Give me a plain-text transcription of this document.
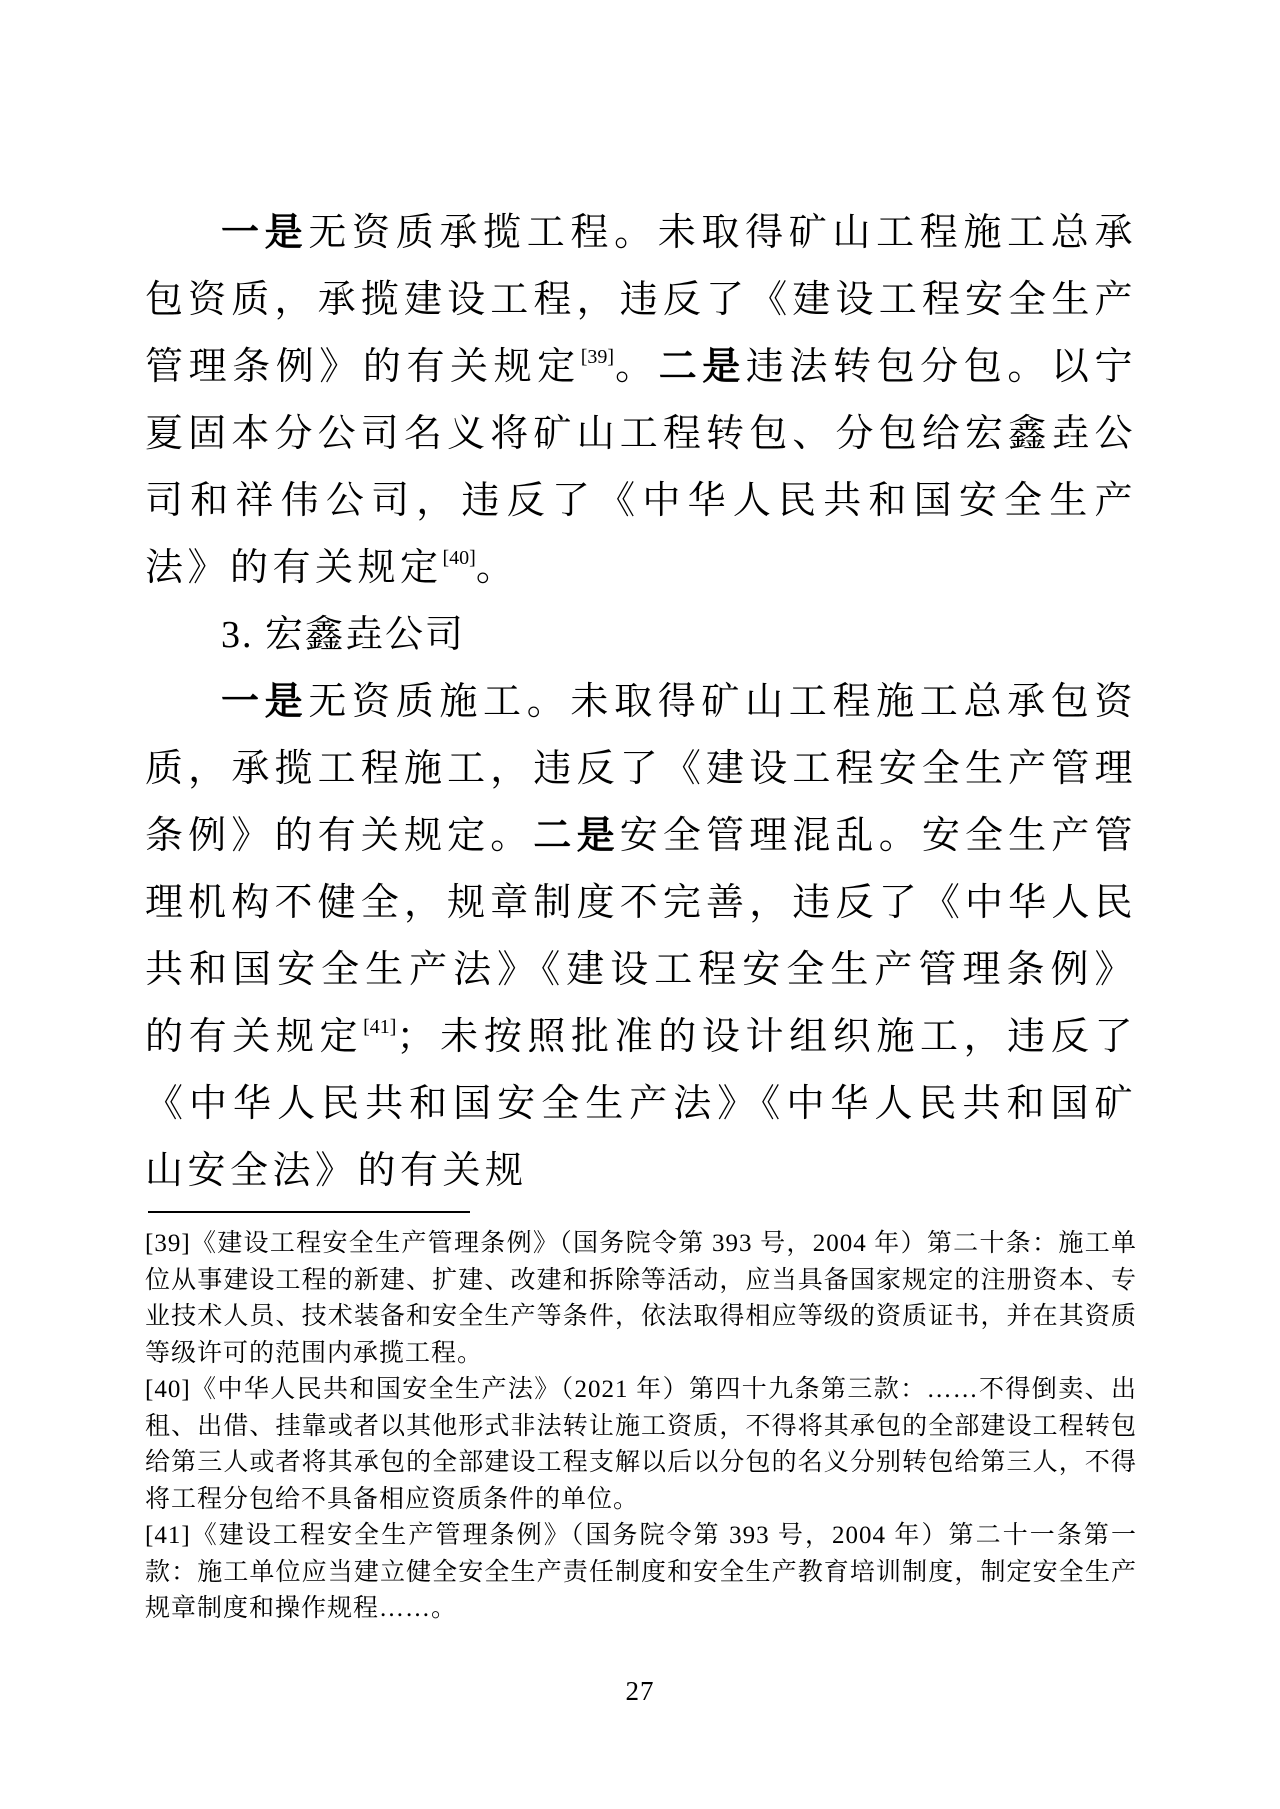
一是无资质承揽工程。未取得矿山工程施工总承包资质，承揽建设工程，违反了《建设工程安全生产管理条例》的有关规定[39]。二是违法转包分包。以宁夏固本分公司名义将矿山工程转包、分包给宏鑫垚公司和祥伟公司，违反了《中华人民共和国安全生产法》的有关规定[40]。

3. 宏鑫垚公司

一是无资质施工。未取得矿山工程施工总承包资质，承揽工程施工，违反了《建设工程安全生产管理条例》的有关规定。二是安全管理混乱。安全生产管理机构不健全，规章制度不完善，违反了《中华人民共和国安全生产法》《建设工程安全生产管理条例》的有关规定[41]；未按照批准的设计组织施工，违反了《中华人民共和国安全生产法》《中华人民共和国矿山安全法》的有关规

[39]《建设工程安全生产管理条例》（国务院令第 393 号，2004 年）第二十条：施工单位从事建设工程的新建、扩建、改建和拆除等活动，应当具备国家规定的注册资本、专业技术人员、技术装备和安全生产等条件，依法取得相应等级的资质证书，并在其资质等级许可的范围内承揽工程。

[40]《中华人民共和国安全生产法》（2021 年）第四十九条第三款：……不得倒卖、出租、出借、挂靠或者以其他形式非法转让施工资质，不得将其承包的全部建设工程转包给第三人或者将其承包的全部建设工程支解以后以分包的名义分别转包给第三人，不得将工程分包给不具备相应资质条件的单位。

[41]《建设工程安全生产管理条例》（国务院令第 393 号，2004 年）第二十一条第一款：施工单位应当建立健全安全生产责任制度和安全生产教育培训制度，制定安全生产规章制度和操作规程……。

27
